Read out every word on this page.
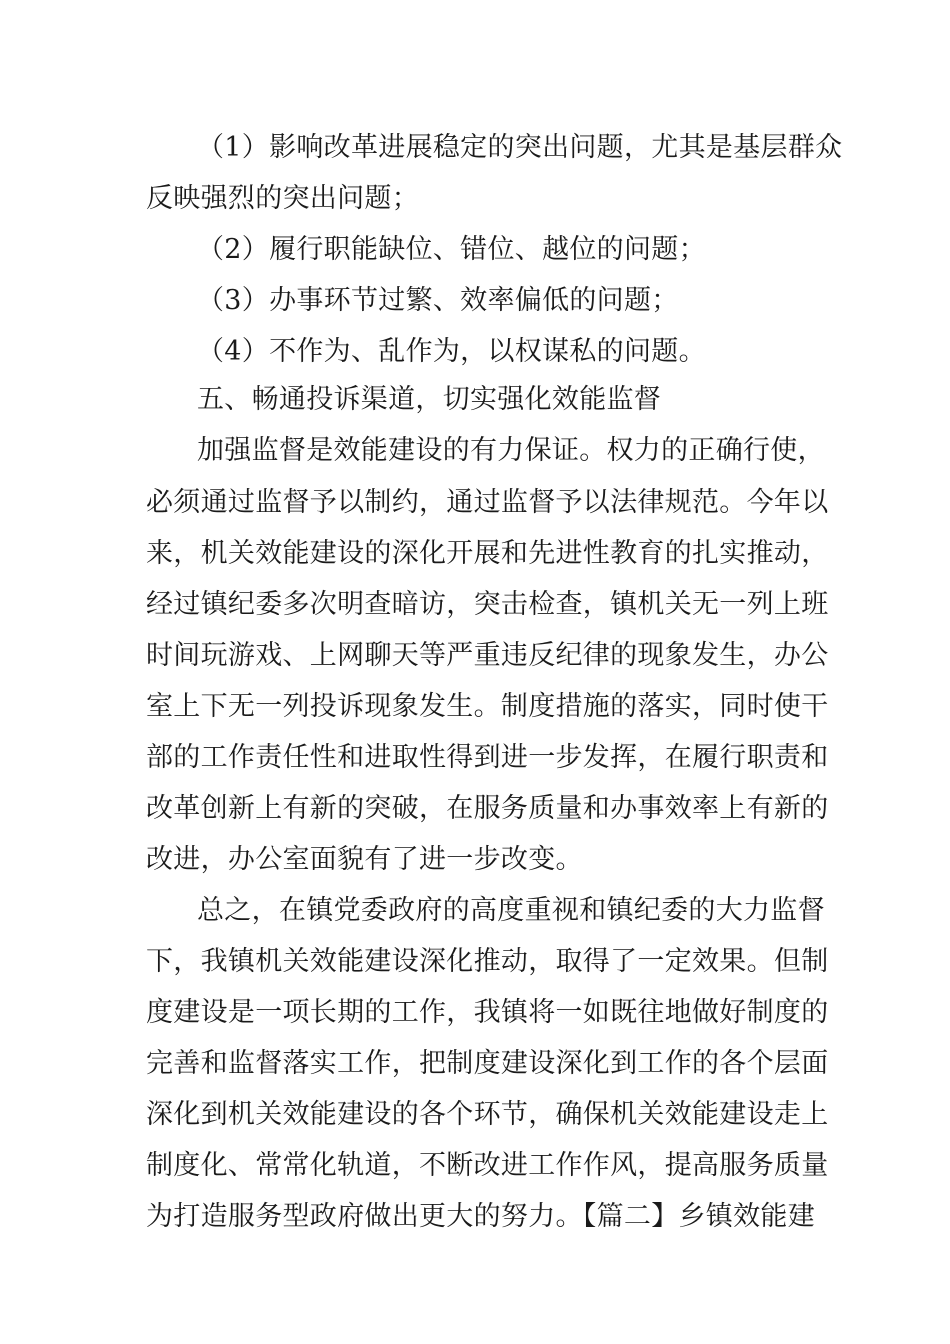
（1）影响改革进展稳定的突出问题，尤其是基层群众
反映强烈的突出问题；
（2）履行职能缺位、错位、越位的问题；
（3）办事环节过繁、效率偏低的问题；
（4）不作为、乱作为，以权谋私的问题。
五、畅通投诉渠道，切实强化效能监督
加强监督是效能建设的有力保证。权力的正确行使，
必须通过监督予以制约，通过监督予以法律规范。今年以
来，机关效能建设的深化开展和先进性教育的扎实推动，
经过镇纪委多次明查暗访，突击检查，镇机关无一列上班
时间玩游戏、上网聊天等严重违反纪律的现象发生，办公
室上下无一列投诉现象发生。制度措施的落实，同时使干
部的工作责任性和进取性得到进一步发挥，在履行职责和
改革创新上有新的突破，在服务质量和办事效率上有新的
改进，办公室面貌有了进一步改变。
总之，在镇党委政府的高度重视和镇纪委的大力监督
下，我镇机关效能建设深化推动，取得了一定效果。但制
度建设是一项长期的工作，我镇将一如既往地做好制度的
完善和监督落实工作，把制度建设深化到工作的各个层面
深化到机关效能建设的各个环节，确保机关效能建设走上
制度化、常常化轨道，不断改进工作作风，提高服务质量
为打造服务型政府做出更大的努力。【篇二】乡镇效能建
